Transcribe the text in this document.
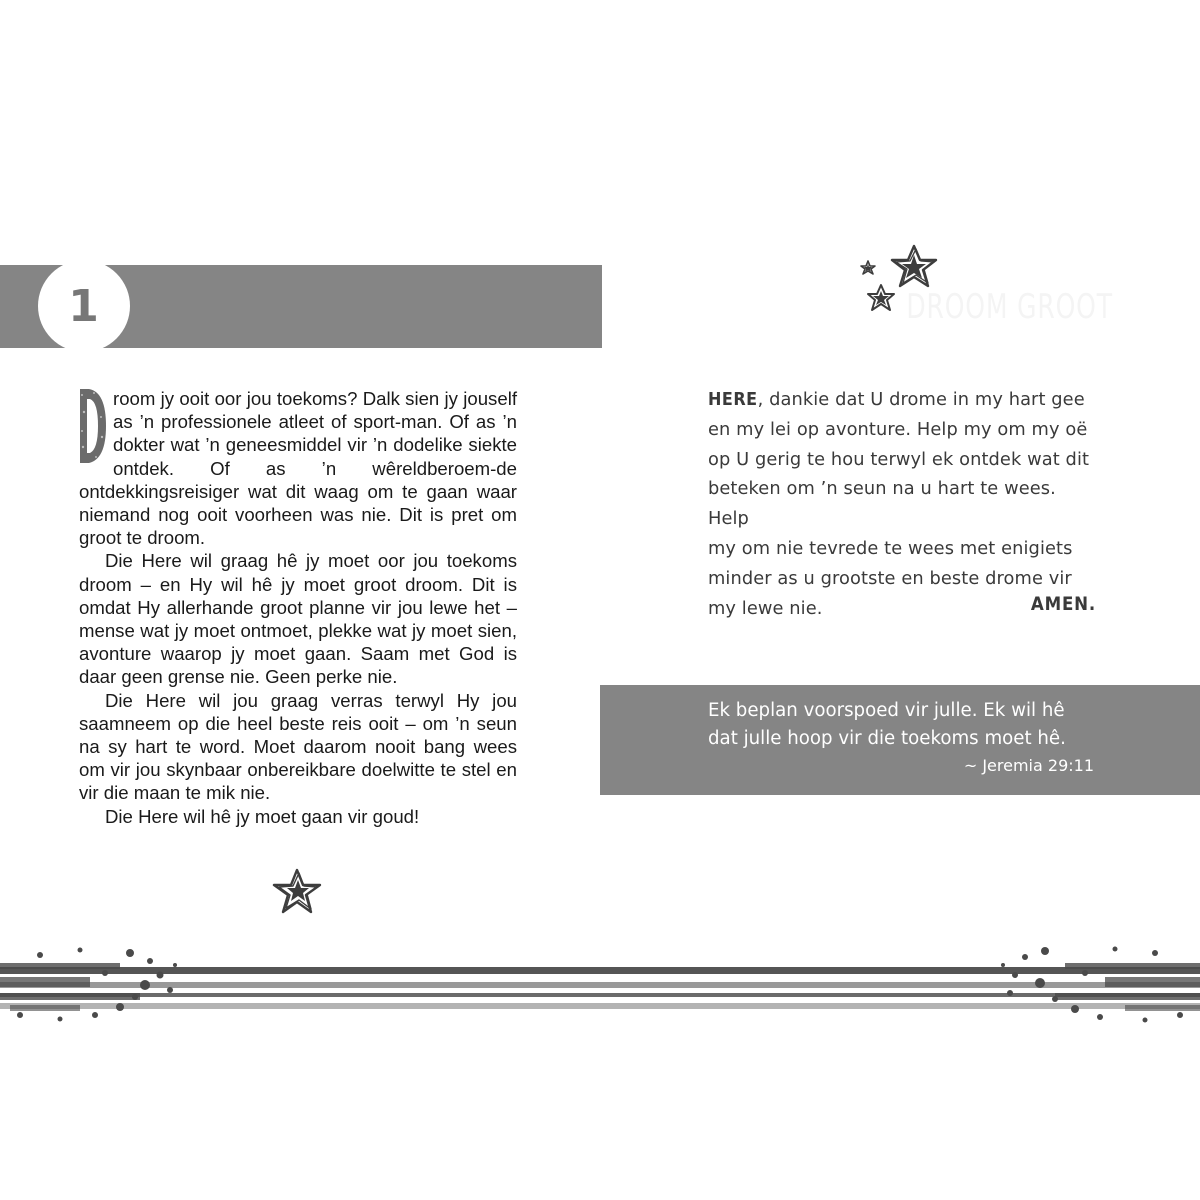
1	DROOM GROOT

room jy ooit oor jou toekoms? Dalk sien jy jouself as ’n professionele atleet of sport-man. Of as ’n dokter wat ’n geneesmiddel vir ’n dodelike siekte ontdek. Of as ’n wêreldberoem-de ontdekkingsreisiger wat dit waag om te gaan waar niemand nog ooit voorheen was nie. Dit is pret om groot te droom.

Die Here wil graag hê jy moet oor jou toekoms droom – en Hy wil hê jy moet groot droom. Dit is omdat Hy allerhande groot planne vir jou lewe het – mense wat jy moet ontmoet, plekke wat jy moet sien, avonture waarop jy moet gaan. Saam met God is daar geen grense nie. Geen perke nie.

Die Here wil jou graag verras terwyl Hy jou saamneem op die heel beste reis ooit – om ’n seun na sy hart te word. Moet daarom nooit bang wees om vir jou skynbaar onbereikbare doelwitte te stel en vir die maan te mik nie.

Die Here wil hê jy moet gaan vir goud!

HERE, dankie dat U drome in my hart gee

en my lei op avonture. Help my om my oë

op U gerig te hou terwyl ek ontdek wat dit

beteken om ’n seun na u hart te wees. Help

my om nie tevrede te wees met enigiets

minder as u grootste en beste drome vir

my lewe nie.	AMEN.
Ek beplan voorspoed vir julle. Ek wil hê
dat julle hoop vir die toekoms moet hê.
~ Jeremia 29:11
